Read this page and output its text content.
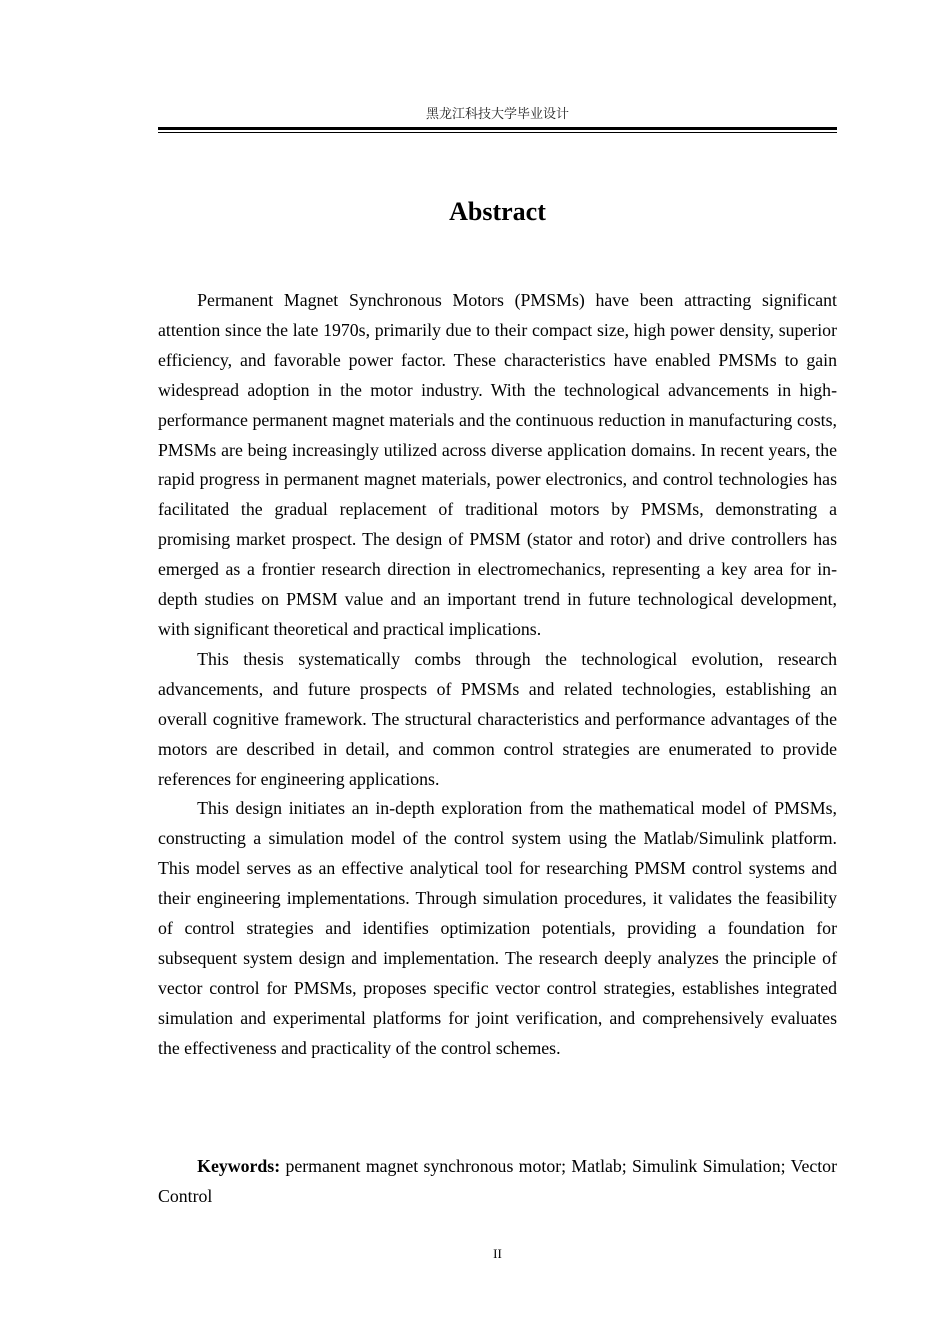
黑龙江科技大学毕业设计
Abstract

Permanent Magnet Synchronous Motors (PMSMs) have been attracting significant attention since the late 1970s, primarily due to their compact size, high power density, superior efficiency, and favorable power factor. These characteristics have enabled PMSMs to gain widespread adoption in the motor industry. With the technological advancements in high-performance permanent magnet materials and the continuous reduction in manufacturing costs, PMSMs are being increasingly utilized across diverse application domains. In recent years, the rapid progress in permanent magnet materials, power electronics, and control technologies has facilitated the gradual replacement of traditional motors by PMSMs, demonstrating a promising market prospect. The design of PMSM (stator and rotor) and drive controllers has emerged as a frontier research direction in electromechanics, representing a key area for in-depth studies on PMSM value and an important trend in future technological development, with significant theoretical and practical implications.

This thesis systematically combs through the technological evolution, research advancements, and future prospects of PMSMs and related technologies, establishing an overall cognitive framework. The structural characteristics and performance advantages of the motors are described in detail, and common control strategies are enumerated to provide references for engineering applications.

This design initiates an in-depth exploration from the mathematical model of PMSMs, constructing a simulation model of the control system using the Matlab/Simulink platform. This model serves as an effective analytical tool for researching PMSM control systems and their engineering implementations. Through simulation procedures, it validates the feasibility of control strategies and identifies optimization potentials, providing a foundation for subsequent system design and implementation. The research deeply analyzes the principle of vector control for PMSMs, proposes specific vector control strategies, establishes integrated simulation and experimental platforms for joint verification, and comprehensively evaluates the effectiveness and practicality of the control schemes.

Keywords: permanent magnet synchronous motor; Matlab; Simulink Simulation; Vector Control

II
